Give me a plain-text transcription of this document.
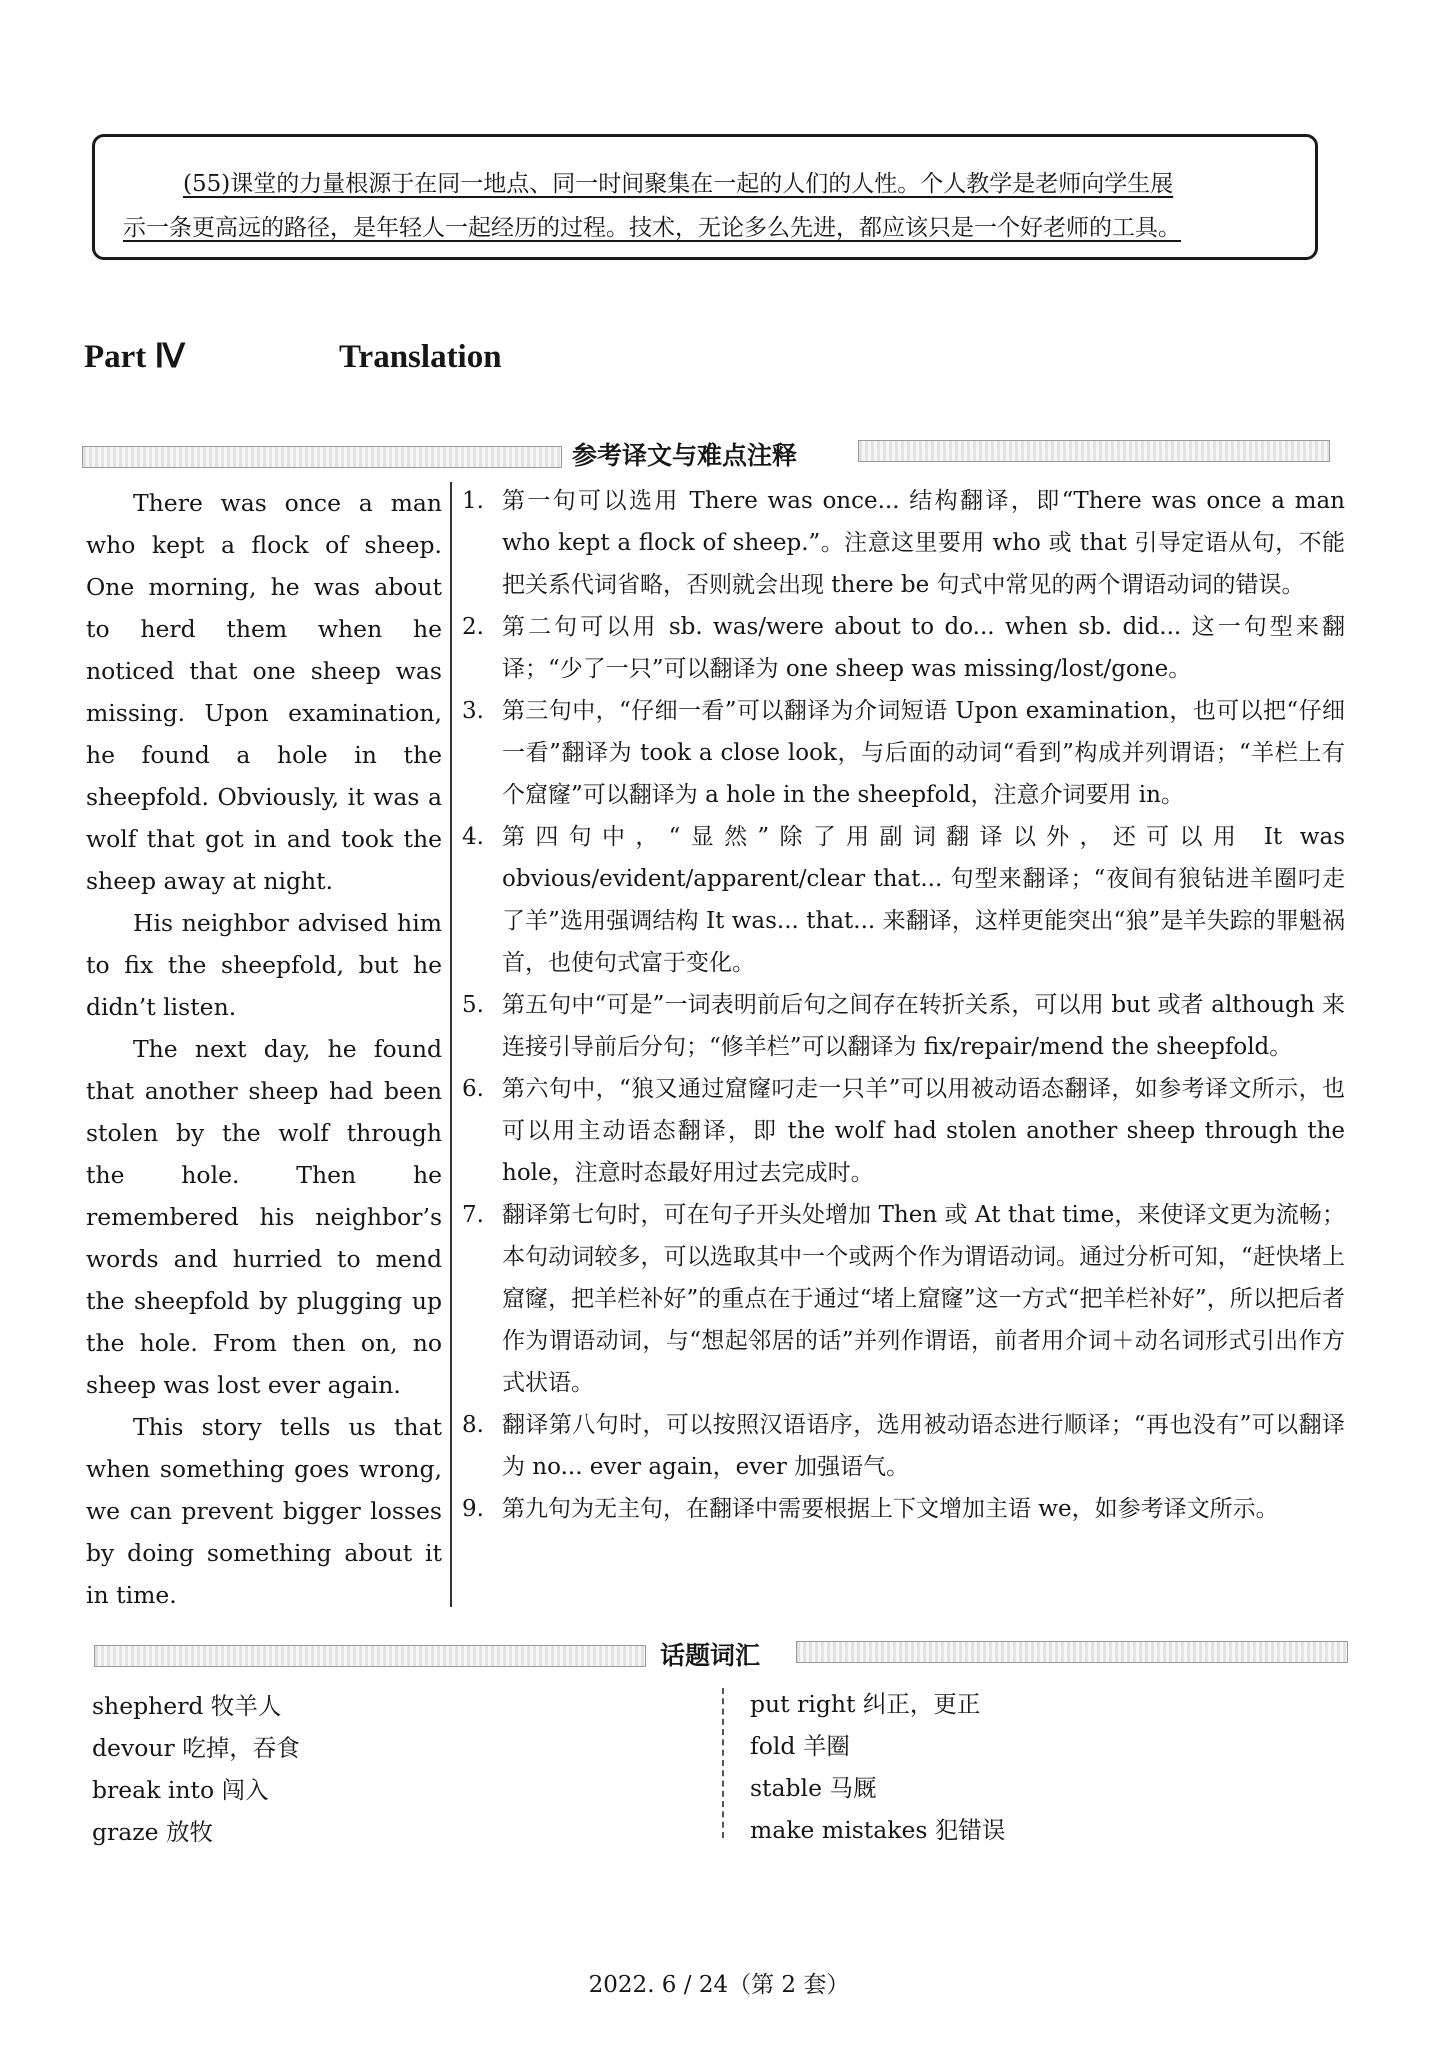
(55)课堂的力量根源于在同一地点、同一时间聚集在一起的人们的人性。个人教学是老师向学生展
示一条更高远的路径，是年轻人一起经历的过程。技术，无论多么先进，都应该只是一个好老师的工具。
Part Ⅳ	Translation
参考译文与难点注释

There was once a man who kept a flock of sheep. One morning, he was about to herd them when he noticed that one sheep was missing. Upon examination, he found a hole in the sheepfold. Obviously, it was a wolf that got in and took the sheep away at night.

His neighbor advised him to fix the sheepfold, but he didn’t listen.

The next day, he found that another sheep had been stolen by the wolf through the hole. Then he remembered his neighbor’s words and hurried to mend the sheepfold by plugging up the hole. From then on, no sheep was lost ever again.

This story tells us that when something goes wrong, we can prevent bigger losses by doing something about it in time.

1. 第一句可以选用 There was once... 结构翻译，即“There was once a man who kept a flock of sheep.”。注意这里要用 who 或 that 引导定语从句，不能把关系代词省略，否则就会出现 there be 句式中常见的两个谓语动词的错误。
2. 第二句可以用 sb. was/were about to do... when sb. did... 这一句型来翻译；“少了一只”可以翻译为 one sheep was missing/lost/gone。
3. 第三句中，“仔细一看”可以翻译为介词短语 Upon examination，也可以把“仔细一看”翻译为 took a close look，与后面的动词“看到”构成并列谓语；“羊栏上有个窟窿”可以翻译为 a hole in the sheepfold，注意介词要用 in。
4. 第四句中，“显然”除了用副词翻译以外，还可以用 It was obvious/evident/apparent/clear that... 句型来翻译；“夜间有狼钻进羊圈叼走了羊”选用强调结构 It was... that... 来翻译，这样更能突出“狼”是羊失踪的罪魁祸首，也使句式富于变化。
5. 第五句中“可是”一词表明前后句之间存在转折关系，可以用 but 或者 although 来连接引导前后分句；“修羊栏”可以翻译为 fix/repair/mend the sheepfold。
6. 第六句中，“狼又通过窟窿叼走一只羊”可以用被动语态翻译，如参考译文所示，也可以用主动语态翻译，即 the wolf had stolen another sheep through the hole，注意时态最好用过去完成时。
7. 翻译第七句时，可在句子开头处增加 Then 或 At that time，来使译文更为流畅；本句动词较多，可以选取其中一个或两个作为谓语动词。通过分析可知，“赶快堵上窟窿，把羊栏补好”的重点在于通过“堵上窟窿”这一方式“把羊栏补好”，所以把后者作为谓语动词，与“想起邻居的话”并列作谓语，前者用介词＋动名词形式引出作方式状语。
8. 翻译第八句时，可以按照汉语语序，选用被动语态进行顺译；“再也没有”可以翻译为 no... ever again，ever 加强语气。
9. 第九句为无主句，在翻译中需要根据上下文增加主语 we，如参考译文所示。
话题词汇
shepherd 牧羊人
devour 吃掉，吞食
break into 闯入
graze 放牧
put right 纠正，更正
fold 羊圈
stable 马厩
make mistakes 犯错误
2022. 6 / 24（第 2 套）
